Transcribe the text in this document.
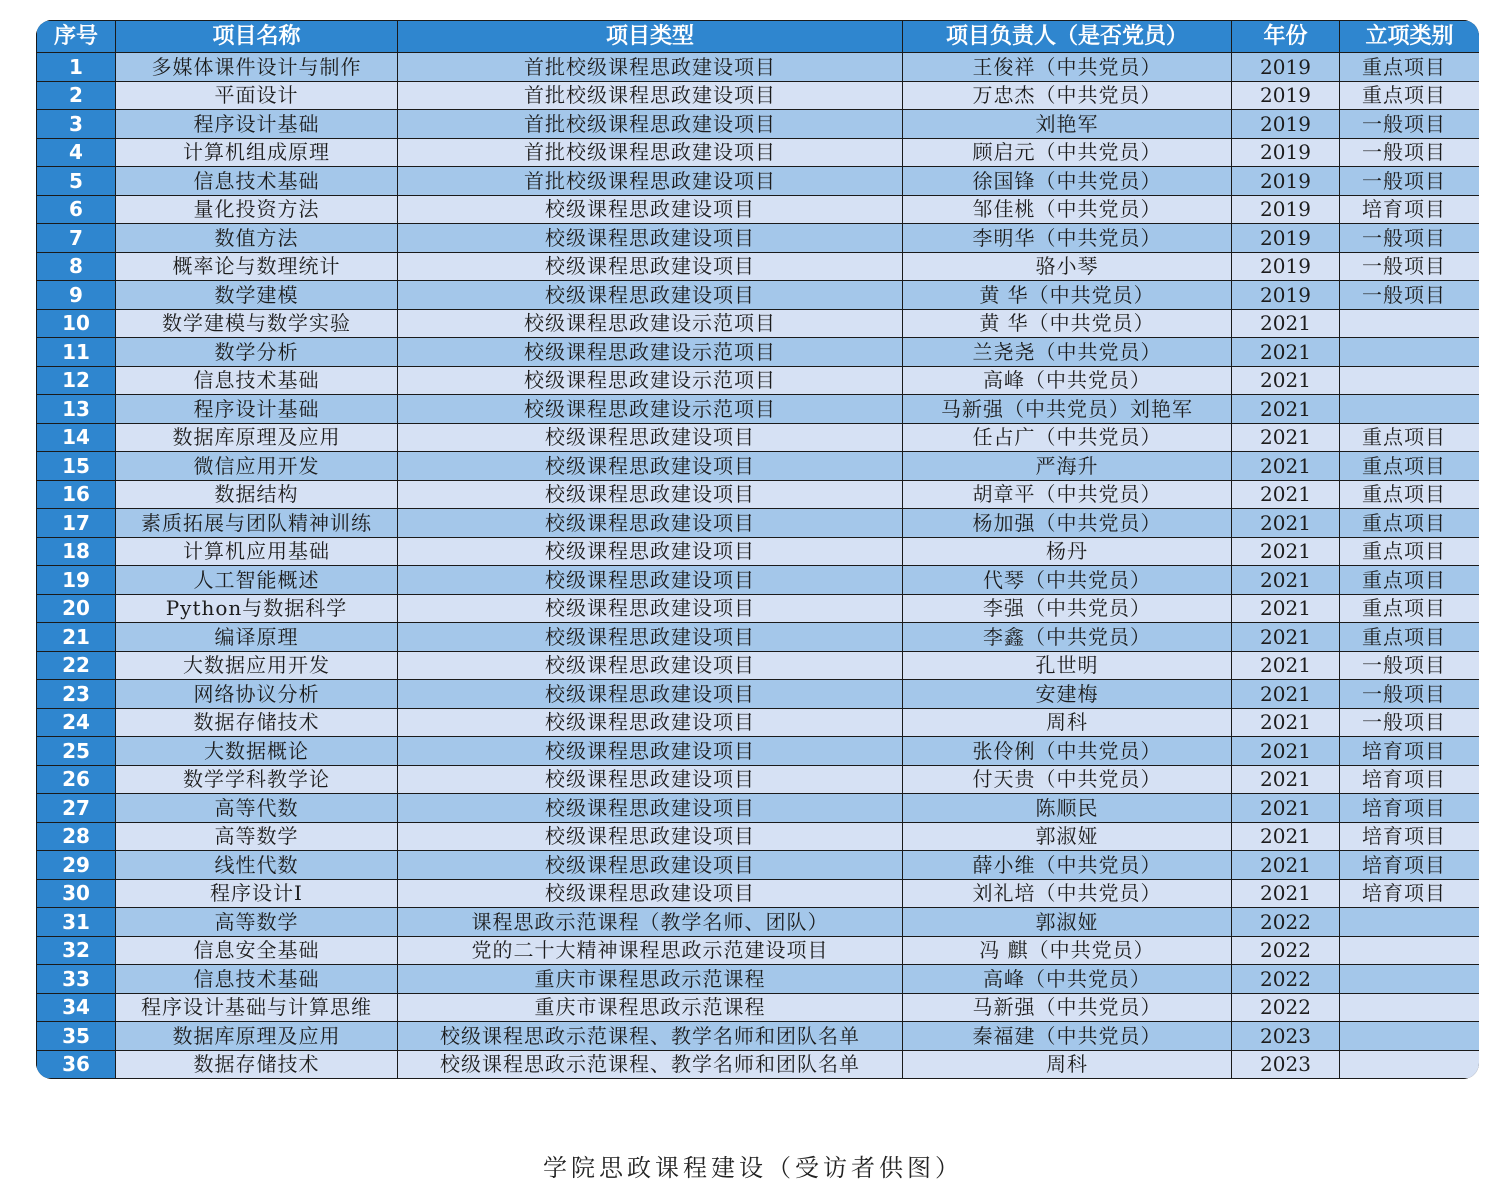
序号	项目名称	项目类型	项目负责人（是否党员）	年份	立项类别
1	多媒体课件设计与制作	首批校级课程思政建设项目	王俊祥（中共党员）	2019	重点项目
2	平面设计	首批校级课程思政建设项目	万忠杰（中共党员）	2019	重点项目
3	程序设计基础	首批校级课程思政建设项目	刘艳军	2019	一般项目
4	计算机组成原理	首批校级课程思政建设项目	顾启元（中共党员）	2019	一般项目
5	信息技术基础	首批校级课程思政建设项目	徐国锋（中共党员）	2019	一般项目
6	量化投资方法	校级课程思政建设项目	邹佳桃（中共党员）	2019	培育项目
7	数值方法	校级课程思政建设项目	李明华（中共党员）	2019	一般项目
8	概率论与数理统计	校级课程思政建设项目	骆小琴	2019	一般项目
9	数学建模	校级课程思政建设项目	黄 华（中共党员）	2019	一般项目
10	数学建模与数学实验	校级课程思政建设示范项目	黄 华（中共党员）	2021	
11	数学分析	校级课程思政建设示范项目	兰尧尧（中共党员）	2021	
12	信息技术基础	校级课程思政建设示范项目	高峰（中共党员）	2021	
13	程序设计基础	校级课程思政建设示范项目	马新强（中共党员）刘艳军	2021	
14	数据库原理及应用	校级课程思政建设项目	任占广（中共党员）	2021	重点项目
15	微信应用开发	校级课程思政建设项目	严海升	2021	重点项目
16	数据结构	校级课程思政建设项目	胡章平（中共党员）	2021	重点项目
17	素质拓展与团队精神训练	校级课程思政建设项目	杨加强（中共党员）	2021	重点项目
18	计算机应用基础	校级课程思政建设项目	杨丹	2021	重点项目
19	人工智能概述	校级课程思政建设项目	代琴（中共党员）	2021	重点项目
20	Python与数据科学	校级课程思政建设项目	李强（中共党员）	2021	重点项目
21	编译原理	校级课程思政建设项目	李鑫（中共党员）	2021	重点项目
22	大数据应用开发	校级课程思政建设项目	孔世明	2021	一般项目
23	网络协议分析	校级课程思政建设项目	安建梅	2021	一般项目
24	数据存储技术	校级课程思政建设项目	周科	2021	一般项目
25	大数据概论	校级课程思政建设项目	张伶俐（中共党员）	2021	培育项目
26	数学学科教学论	校级课程思政建设项目	付天贵（中共党员）	2021	培育项目
27	高等代数	校级课程思政建设项目	陈顺民	2021	培育项目
28	高等数学	校级课程思政建设项目	郭淑娅	2021	培育项目
29	线性代数	校级课程思政建设项目	薛小维（中共党员）	2021	培育项目
30	程序设计I	校级课程思政建设项目	刘礼培（中共党员）	2021	培育项目
31	高等数学	课程思政示范课程（教学名师、团队）	郭淑娅	2022	
32	信息安全基础	党的二十大精神课程思政示范建设项目	冯 麒（中共党员）	2022	
33	信息技术基础	重庆市课程思政示范课程	高峰（中共党员）	2022	
34	程序设计基础与计算思维	重庆市课程思政示范课程	马新强（中共党员）	2022	
35	数据库原理及应用	校级课程思政示范课程、教学名师和团队名单	秦福建（中共党员）	2023	
36	数据存储技术	校级课程思政示范课程、教学名师和团队名单	周科	2023	
学院思政课程建设（受访者供图）
